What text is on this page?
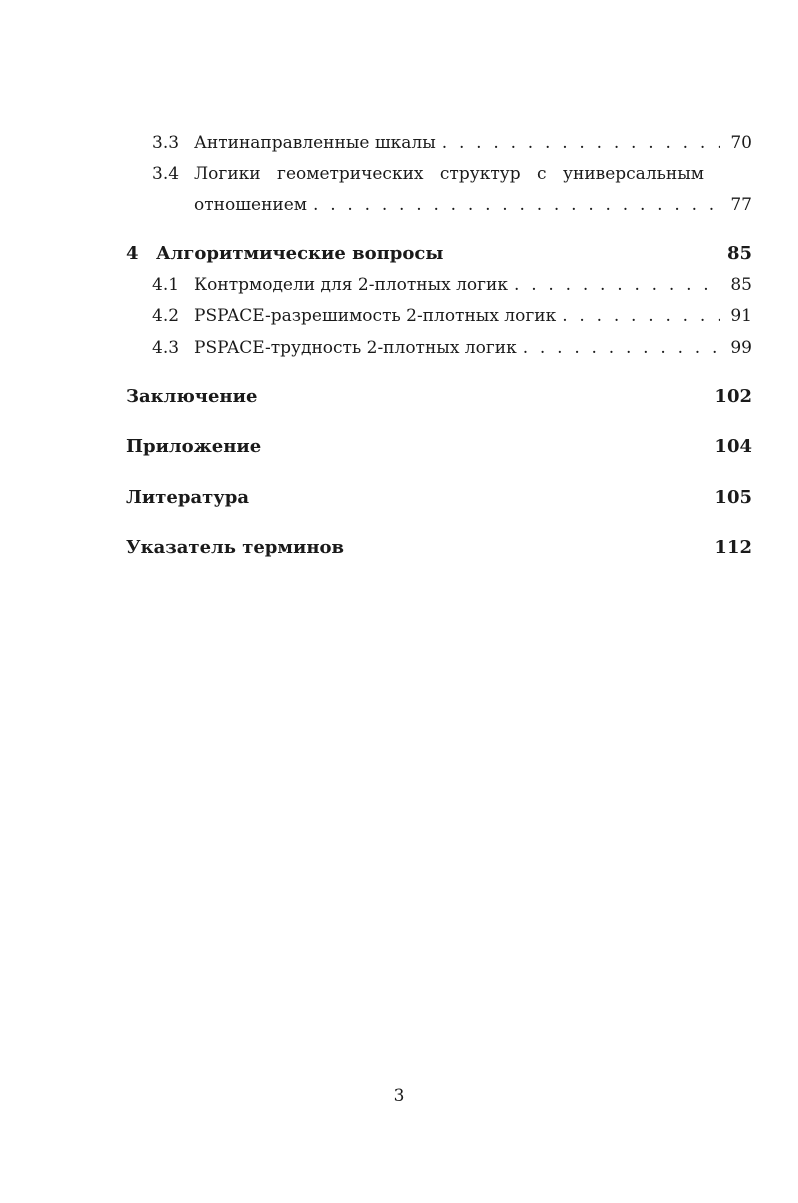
3.3 Антинаправленные шкалы . . .	70
3.4 Логики геометрических структур с универсальным
отношением . . .	77
4 Алгоритмические вопросы	85
4.1 Контрмодели для 2-плотных логик . . .	85
4.2 PSPACE-разрешимость 2-плотных логик . . .	91
4.3 PSPACE-трудность 2-плотных логик . . .	99
Заключение	102
Приложение	104
Литература	105
Указатель терминов	112
3
